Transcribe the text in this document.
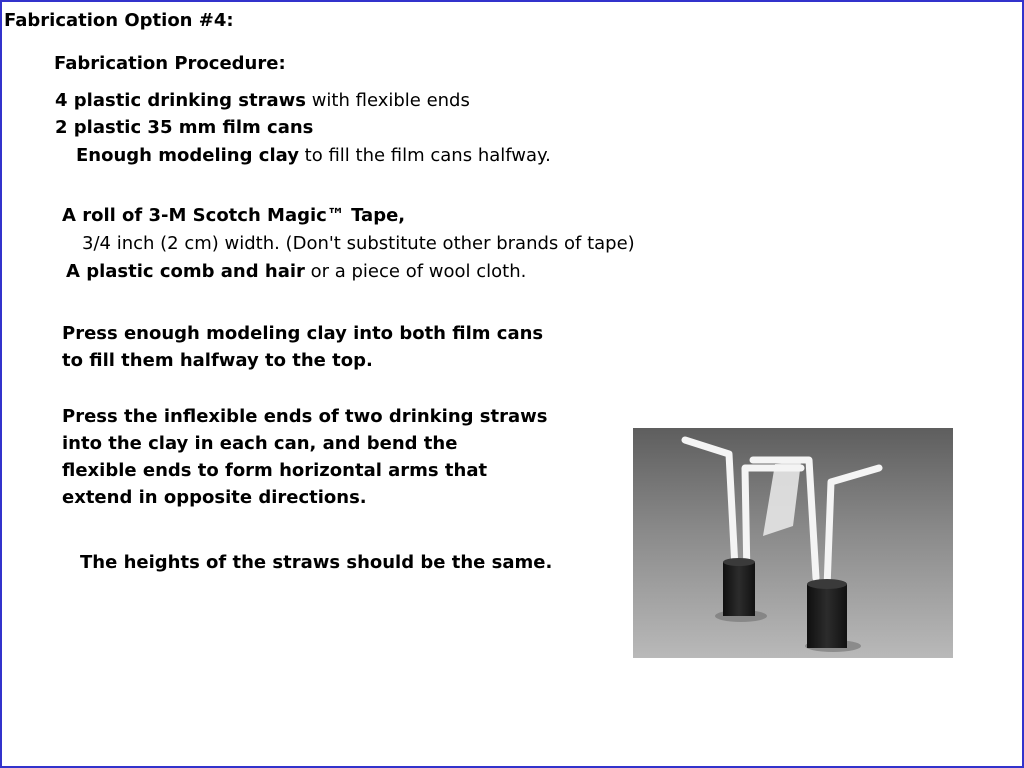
Fabrication Option #4:
Fabrication Procedure:
4 plastic drinking straws with flexible ends
2 plastic 35 mm film cans
Enough modeling clay to fill the film cans halfway.
A roll of 3-M Scotch Magic™ Tape,
3/4 inch (2 cm) width. (Don't substitute other brands of tape)
A plastic comb and hair or a piece of wool cloth.
Press enough modeling clay into both film cans
to fill them halfway to the top.
Press the inflexible ends of two drinking straws
into the clay in each can, and bend the
flexible ends to form horizontal arms that
extend in opposite directions.
The heights of the straws should be the same.
